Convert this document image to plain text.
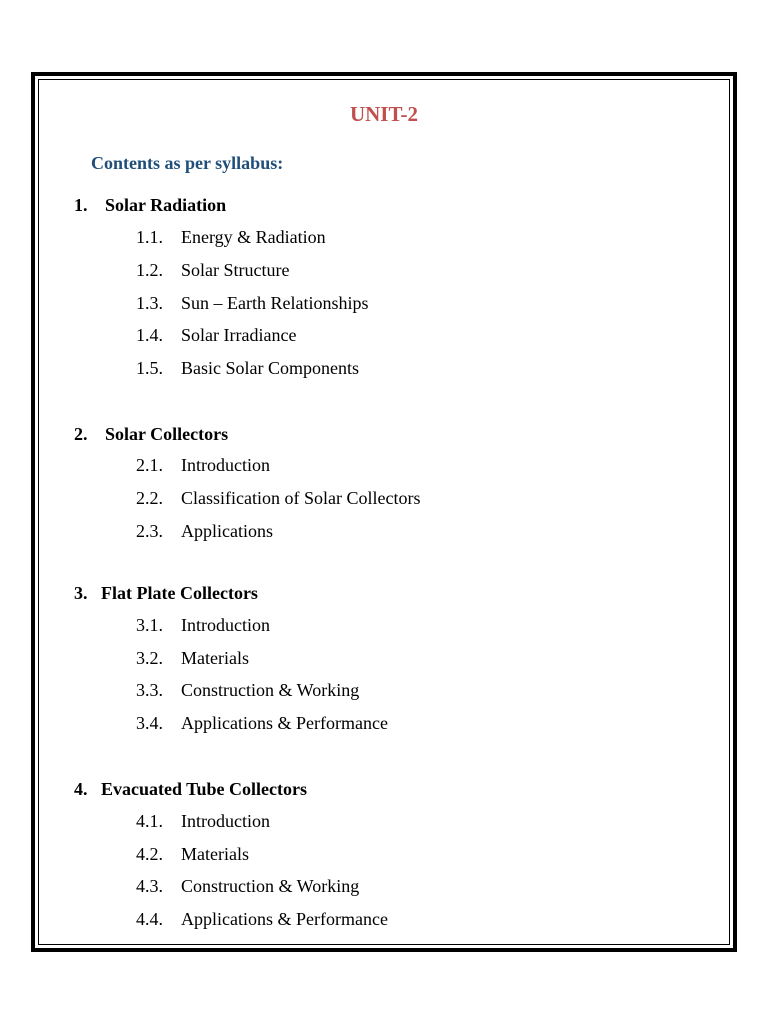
UNIT-2
Contents as per syllabus:
1. Solar Radiation
1.1. Energy & Radiation
1.2. Solar Structure
1.3. Sun – Earth Relationships
1.4. Solar Irradiance
1.5. Basic Solar Components
2. Solar Collectors
2.1. Introduction
2.2. Classification of Solar Collectors
2.3. Applications
3. Flat Plate Collectors
3.1. Introduction
3.2. Materials
3.3. Construction & Working
3.4. Applications & Performance
4. Evacuated Tube Collectors
4.1. Introduction
4.2. Materials
4.3. Construction & Working
4.4. Applications & Performance
